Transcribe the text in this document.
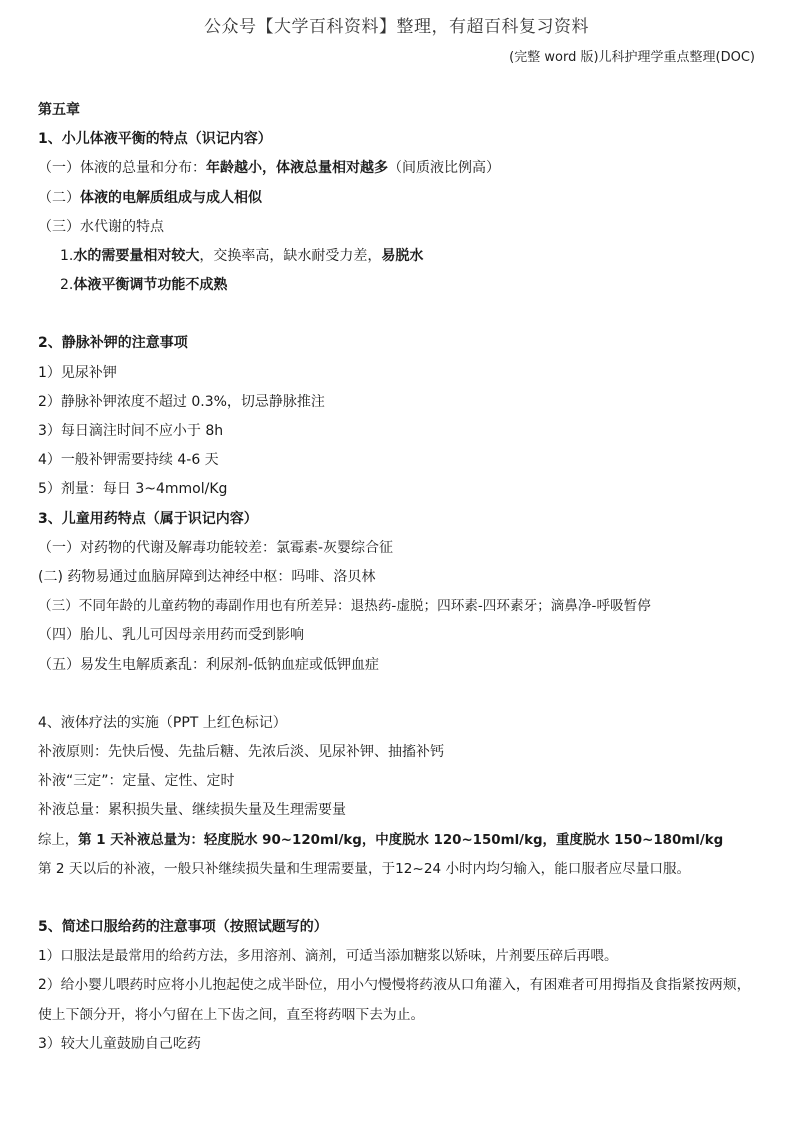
公众号【大学百科资料】整理，有超百科复习资料
(完整 word 版)儿科护理学重点整理(DOC)
第五章
1、小儿体液平衡的特点（识记内容）
（一）体液的总量和分布：年龄越小，体液总量相对越多（间质液比例高）
（二）体液的电解质组成与成人相似
（三）水代谢的特点
1.水的需要量相对较大，交换率高，缺水耐受力差，易脱水
2.体液平衡调节功能不成熟
2、静脉补钾的注意事项
1）见尿补钾
2）静脉补钾浓度不超过 0.3%，切忌静脉推注
3）每日滴注时间不应小于 8h
4）一般补钾需要持续 4-6 天
5）剂量：每日 3~4mmol/Kg
3、儿童用药特点（属于识记内容）
（一）对药物的代谢及解毒功能较差：氯霉素-灰婴综合征
(二) 药物易通过血脑屏障到达神经中枢：吗啡、洛贝林
（三）不同年龄的儿童药物的毒副作用也有所差异：退热药-虚脱；四环素-四环素牙；滴鼻净-呼吸暂停
（四）胎儿、乳儿可因母亲用药而受到影响
（五）易发生电解质紊乱：利尿剂-低钠血症或低钾血症
4、液体疗法的实施（PPT 上红色标记）
补液原则：先快后慢、先盐后糖、先浓后淡、见尿补钾、抽搐补钙
补液“三定”：定量、定性、定时
补液总量：累积损失量、继续损失量及生理需要量
综上，第 1 天补液总量为：轻度脱水 90~120ml/kg，中度脱水 120~150ml/kg，重度脱水 150~180ml/kg
第 2 天以后的补液，一般只补继续损失量和生理需要量，于12~24 小时内均匀输入，能口服者应尽量口服。
5、简述口服给药的注意事项（按照试题写的）
1）口服法是最常用的给药方法，多用溶剂、滴剂，可适当添加糖浆以矫味，片剂要压碎后再喂。
2）给小婴儿喂药时应将小儿抱起使之成半卧位，用小勺慢慢将药液从口角灌入，有困难者可用拇指及食指紧按两颊，使上下颌分开，将小勺留在上下齿之间，直至将药咽下去为止。
3）较大儿童鼓励自己吃药
